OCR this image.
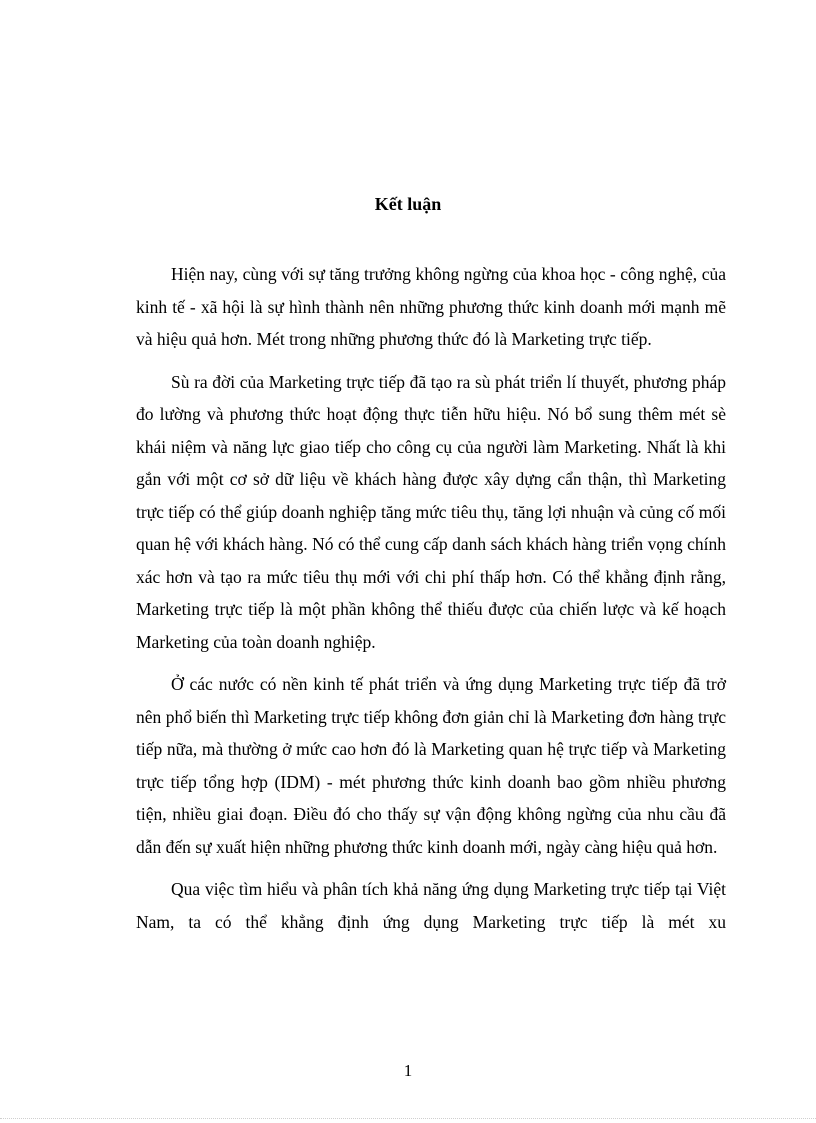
Kết luận

Hiện nay, cùng với sự tăng trưởng không ngừng của khoa học - công nghệ, của kinh tế - xã hội là sự hình thành nên những phương thức kinh doanh mới mạnh mẽ và hiệu quả hơn. Mét trong những phương thức đó là Marketing trực tiếp.

Sù ra đời của Marketing trực tiếp đã tạo ra sù phát triển lí thuyết, phương pháp đo lường và phương thức hoạt động thực tiễn hữu hiệu. Nó bổ sung thêm mét sè khái niệm và năng lực giao tiếp cho công cụ của người làm Marketing. Nhất là khi gắn với một cơ sở dữ liệu về khách hàng được xây dựng cẩn thận, thì Marketing trực tiếp có thể giúp doanh nghiệp tăng mức tiêu thụ, tăng lợi nhuận và củng cố mối quan hệ với khách hàng. Nó có thể cung cấp danh sách khách hàng triển vọng chính xác hơn và tạo ra mức tiêu thụ mới với chi phí thấp hơn. Có thể khẳng định rằng, Marketing trực tiếp là một phần không thể thiếu được của chiến lược và kế hoạch Marketing của toàn doanh nghiệp.

Ở các nước có nền kinh tế phát triển và ứng dụng Marketing trực tiếp đã trở nên phổ biến thì Marketing trực tiếp không đơn giản chỉ là Marketing đơn hàng trực tiếp nữa, mà thường ở mức cao hơn đó là Marketing quan hệ trực tiếp và Marketing trực tiếp tổng hợp (IDM) - mét phương thức kinh doanh bao gồm nhiều phương tiện, nhiều giai đoạn. Điều đó cho thấy sự vận động không ngừng của nhu cầu đã dẫn đến sự xuất hiện những phương thức kinh doanh mới, ngày càng hiệu quả hơn.

Qua việc tìm hiểu và phân tích khả năng ứng dụng Marketing trực tiếp tại Việt Nam, ta có thể khẳng định ứng dụng Marketing trực tiếp là mét xu

1
